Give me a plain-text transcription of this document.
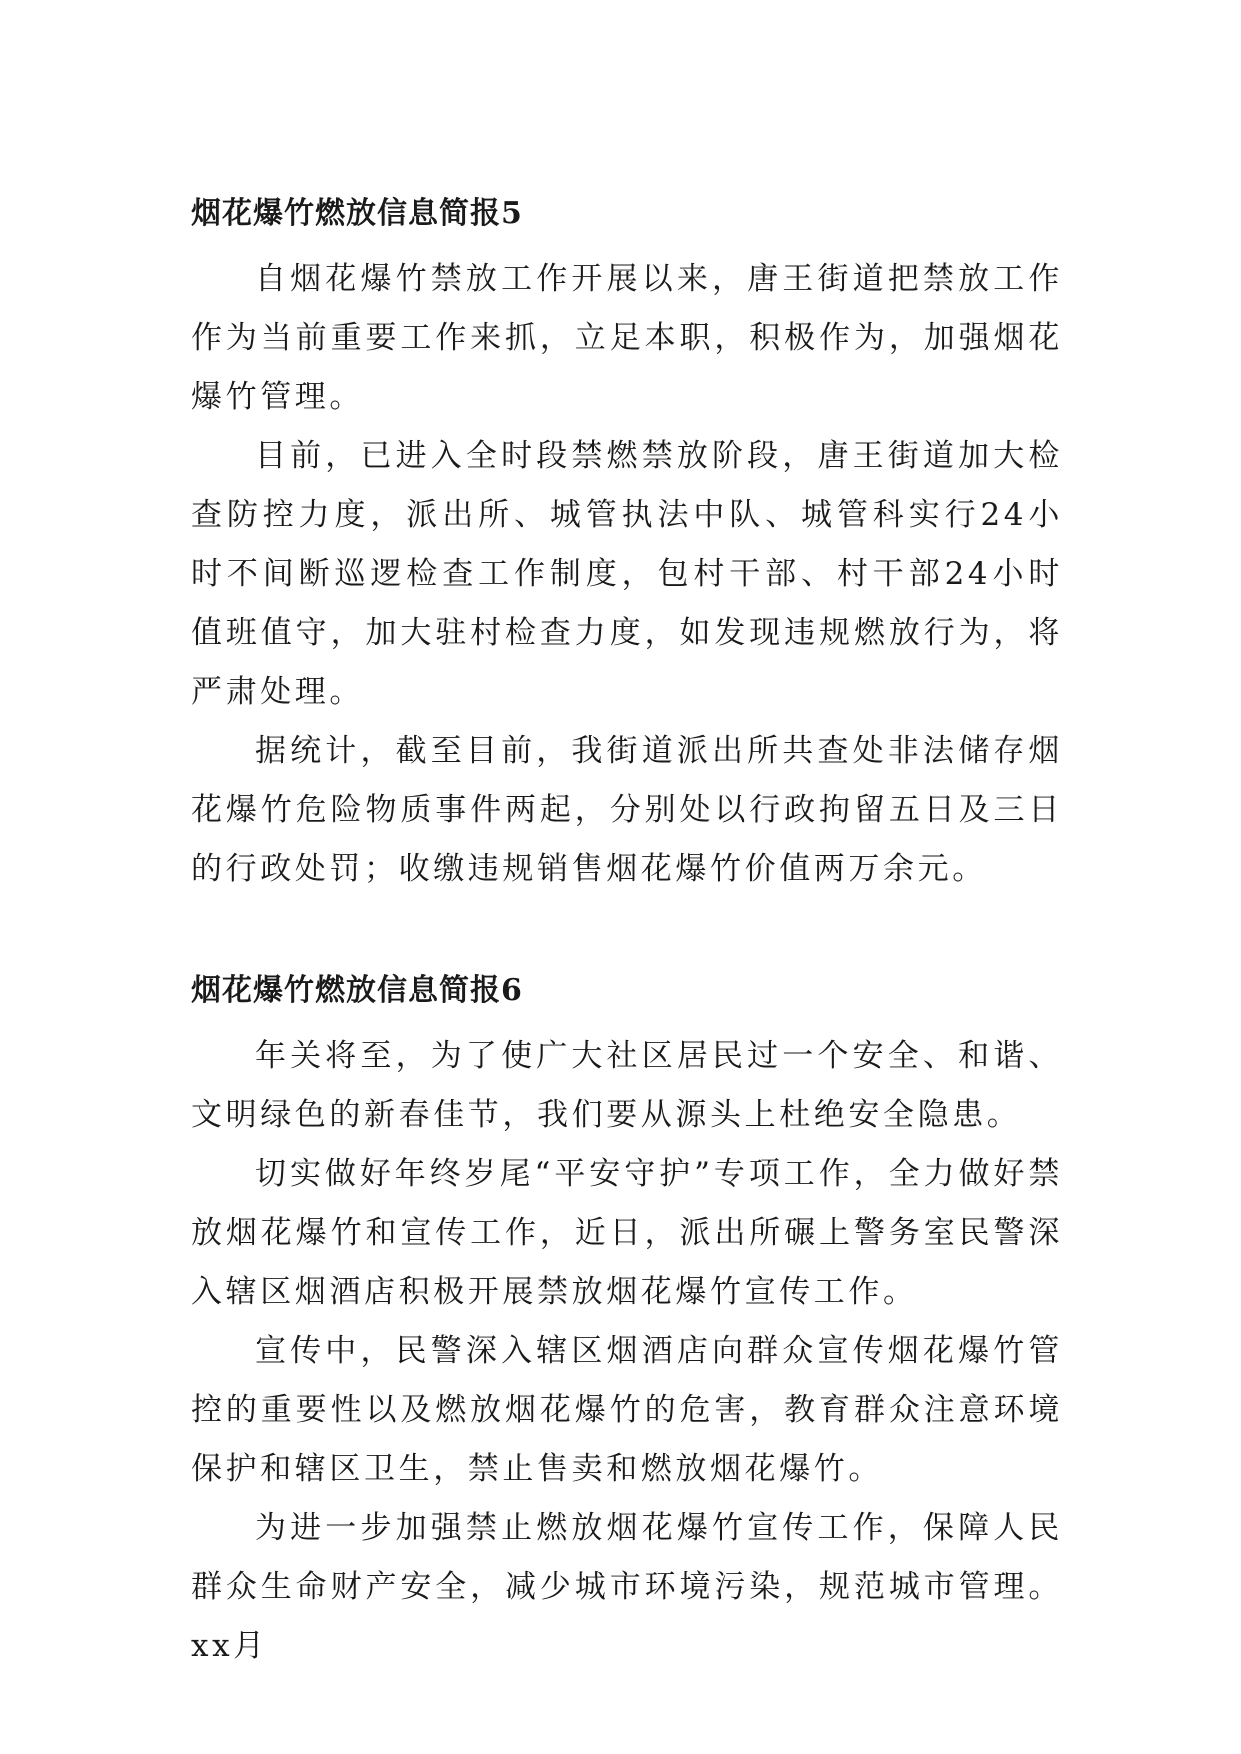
烟花爆竹燃放信息简报5

自烟花爆竹禁放工作开展以来，唐王街道把禁放工作作为当前重要工作来抓，立足本职，积极作为，加强烟花爆竹管理。

目前，已进入全时段禁燃禁放阶段，唐王街道加大检查防控力度，派出所、城管执法中队、城管科实行24小时不间断巡逻检查工作制度，包村干部、村干部24小时值班值守，加大驻村检查力度，如发现违规燃放行为，将严肃处理。

据统计，截至目前，我街道派出所共查处非法储存烟花爆竹危险物质事件两起，分别处以行政拘留五日及三日的行政处罚；收缴违规销售烟花爆竹价值两万余元。

烟花爆竹燃放信息简报6

年关将至，为了使广大社区居民过一个安全、和谐、文明绿色的新春佳节，我们要从源头上杜绝安全隐患。

切实做好年终岁尾“平安守护”专项工作，全力做好禁放烟花爆竹和宣传工作，近日，派出所碾上警务室民警深入辖区烟酒店积极开展禁放烟花爆竹宣传工作。

宣传中，民警深入辖区烟酒店向群众宣传烟花爆竹管控的重要性以及燃放烟花爆竹的危害，教育群众注意环境保护和辖区卫生，禁止售卖和燃放烟花爆竹。

为进一步加强禁止燃放烟花爆竹宣传工作，保障人民群众生命财产安全，减少城市环境污染，规范城市管理。xx月
